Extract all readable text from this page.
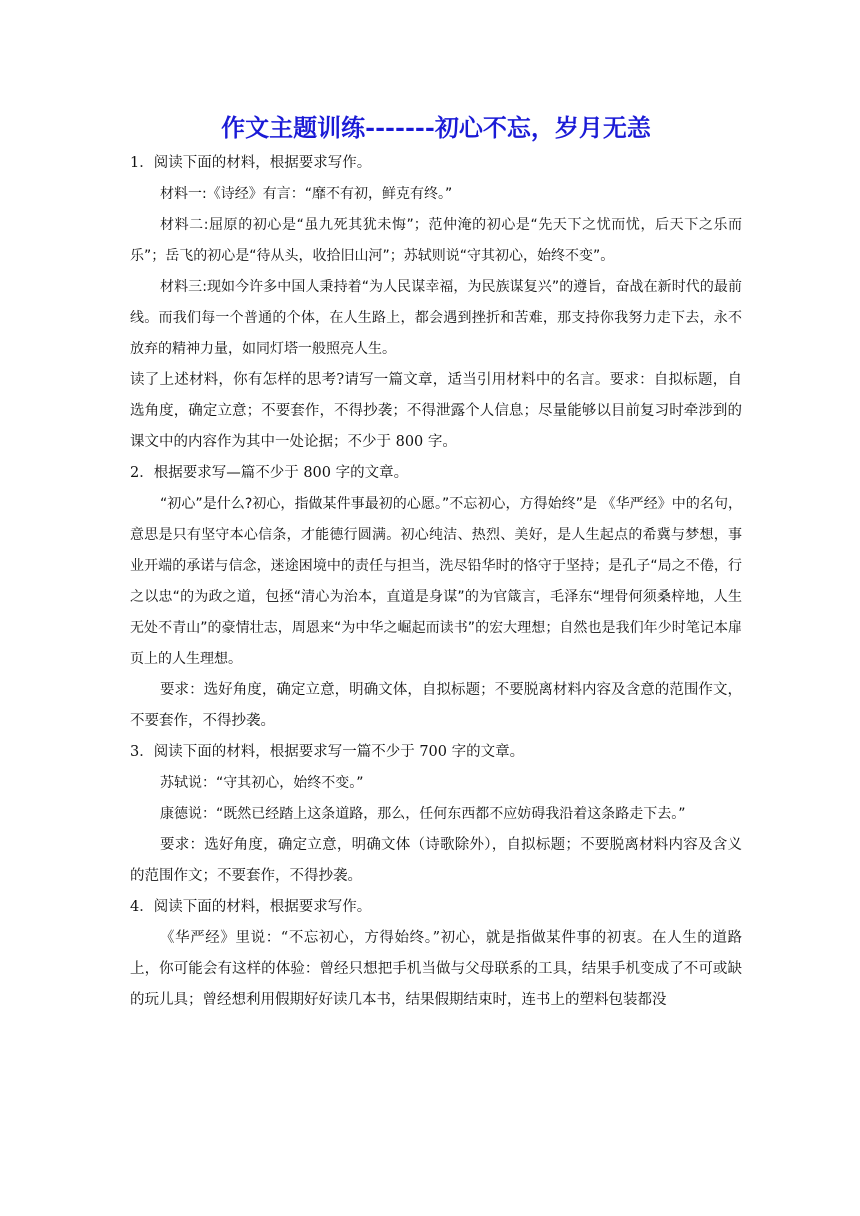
作文主题训练-------初心不忘，岁月无恙

1．阅读下面的材料，根据要求写作。

材料一:《诗经》有言：“靡不有初，鲜克有终。”

材料二:屈原的初心是“虽九死其犹未悔”；范仲淹的初心是“先天下之忧而忧，后天下之乐而乐”；岳飞的初心是“待从头，收拾旧山河”；苏轼则说“守其初心，始终不变”。

材料三:现如今许多中国人秉持着“为人民谋幸福，为民族谋复兴”的遵旨，奋战在新时代的最前线。而我们每一个普通的个体，在人生路上，都会遇到挫折和苦难，那支持你我努力走下去，永不放弃的精神力量，如同灯塔一般照亮人生。

读了上述材料，你有怎样的思考?请写一篇文章，适当引用材料中的名言。要求：自拟标题，自选角度，确定立意；不要套作，不得抄袭；不得泄露个人信息；尽量能够以目前复习时牵涉到的课文中的内容作为其中一处论据；不少于 800 字。

2．根据要求写—篇不少于 800 字的文章。

“初心”是什么?初心，指做某件事最初的心愿。”不忘初心，方得始终”是 《华严经》中的名句， 意思是只有坚守本心信条，才能德行圆满。初心纯洁、热烈、美好，是人生起点的希冀与梦想，事业开端的承诺与信念，迷途困境中的责任与担当，洗尽铅华时的恪守于坚持；是孔子“局之不倦，行之以忠“的为政之道，包拯“清心为治本，直道是身谋”的为官箴言，毛泽东“埋骨何须桑梓地，人生无处不青山”的豪情壮志，周恩来“为中华之崛起而读书”的宏大理想；自然也是我们年少时笔记本扉页上的人生理想。

要求：选好角度，确定立意，明确文体，自拟标题；不要脱离材料内容及含意的范围作文，不要套作，不得抄袭。

3．阅读下面的材料，根据要求写一篇不少于 700 字的文章。

苏轼说：“守其初心，始终不变。”

康德说：“既然已经踏上这条道路，那么，任何东西都不应妨碍我沿着这条路走下去。”

要求：选好角度，确定立意，明确文体（诗歌除外），自拟标题；不要脱离材料内容及含义的范围作文；不要套作，不得抄袭。

4．阅读下面的材料，根据要求写作。

《华严经》里说：“不忘初心，方得始终。”初心，就是指做某件事的初衷。在人生的道路上，你可能会有这样的体验：曾经只想把手机当做与父母联系的工具，结果手机变成了不可或缺的玩儿具；曾经想利用假期好好读几本书，结果假期结束时，连书上的塑料包装都没
